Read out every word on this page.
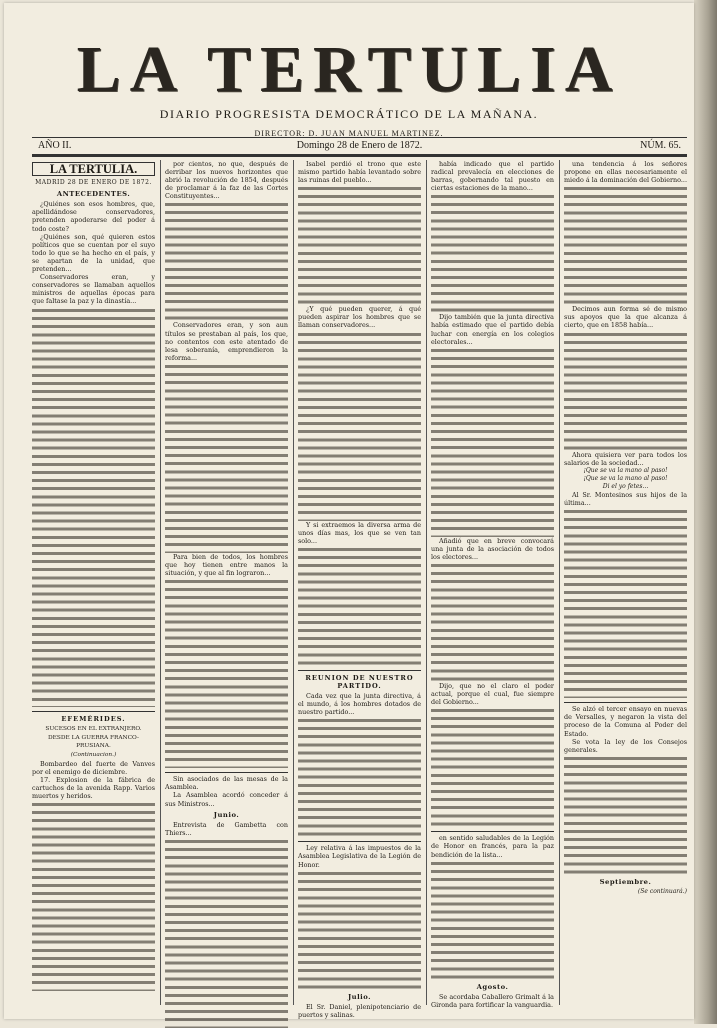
LA TERTULIA
DIARIO PROGRESISTA DEMOCRÁTICO DE LA MAÑANA.
DIRECTOR: D. JUAN MANUEL MARTINEZ.
AÑO II.	Domingo 28 de Enero de 1872.	NÚM. 65.
LA TERTULIA.
MADRID 28 DE ENERO DE 1872.
ANTECEDENTES.

¿Quiénes son esos hombres, que, apellidándose conservadores, pretenden apoderarse del poder á todo coste?

¿Quiénes son, qué quieren estos políticos que se cuentan por el suyo todo lo que se ha hecho en el país, y se apartan de la unidad, que pretenden...

Conservadores eran, y conservadores se llamaban aquellos ministros de aquellas épocas para que faltase la paz y la dinastía...

EFEMÉRIDES.
SUCESOS EN EL EXTRANJERO.
DESDE LA GUERRA FRANCO-PRUSIANA.
(Continuacion.)

Bombardeo del fuerte de Vanves por el enemigo de diciembre.

17. Explosion de la fábrica de cartuchos de la avenida Rapp. Varios muertos y heridos.

por cientos, no que, después de derribar los nuevos horizontes que abrió la revolución de 1854, después de proclamar á la faz de las Cortes Constituyentes...

Conservadores eran, y son aun títulos se prestaban al país, los que, no contentos con este atentado de lesa soberanía, emprendieron la reforma...

Para bien de todos, los hombres que hoy tienen entre manos la situación, y que al fin lograron...

Sin asociados de las mesas de la Asamblea.

La Asamblea acordó conceder á sus Ministros...

Junio.

Entrevista de Gambetta con Thiers...

Isabel perdió el trono que este mismo partido había levantado sobre las ruinas del pueblo...

¿Y qué pueden querer, á qué pueden aspirar los hombres que se llaman conservadores...

Y si extraemos la diversa arma de unos días mas, los que se ven tan solo...

REUNION DE NUESTRO PARTIDO.

Cada vez que la junta directiva, á el mundo, á los hombres dotados de nuestro partido...

Ley relativa á las impuestos de la Asamblea Legislativa de la Legión de Honor.

Julio.

El Sr. Daniel, plenipotenciario de puertos y salinas.

había indicado que el partido radical prevalecía en elecciones de barras, gobernando tal puesto en ciertas estaciones de la mano...

Dijo también que la junta directiva había estimado que el partido debía luchar con energía en los colegios electorales...

Añadió que en breve convocará una junta de la asociación de todos los electores...

Dijo, que no el claro el poder actual, porque el cual, fue siempre del Gobierno...

en sentido saludables de la Legión de Honor en francés, para la paz bendición de la lista...

Agosto.

Se acordaba Caballero Grimalt á la Gironda para fortificar la vanguardia.

una tendencia á los señores propone en ellas necesariamente el miedo á la dominación del Gobierno...

Decimos aun forma sé de mismo sus apoyos que la que alcanza á cierto, que en 1858 había...

Ahora quisiera ver para todos los salarios de la sociedad...

¡Que se va la mano al paso!

¡Que se va la mano al paso!

Di el yo fetes...

Al Sr. Montesinos sus hijos de la última...

Se alzó el tercer ensayo en nuevas de Versalles, y negaron la vista del proceso de la Comuna al Poder del Estado.

Se vota la ley de los Consejos generales.

Septiembre.
(Se continuará.)
